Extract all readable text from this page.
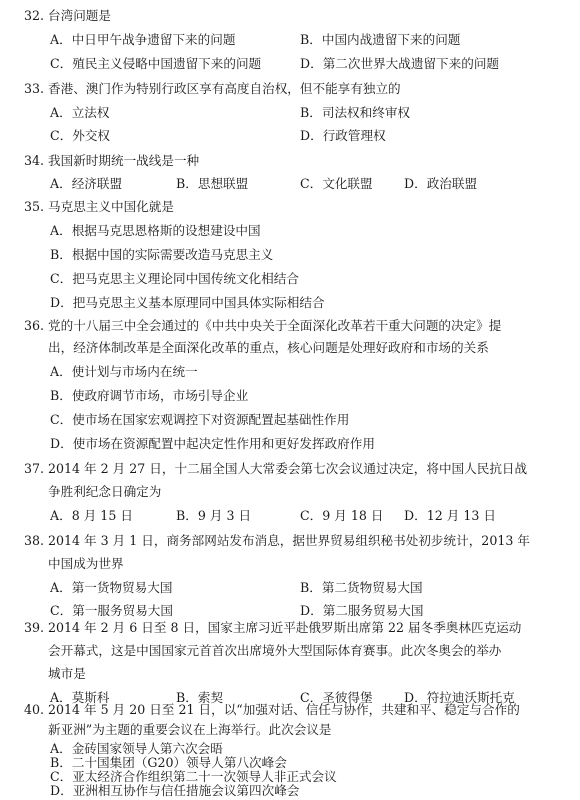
32. 台湾问题是
A．中日甲午战争遗留下来的问题	B．中国内战遗留下来的问题
C．殖民主义侵略中国遗留下来的问题	D．第二次世界大战遗留下来的问题
33. 香港、澳门作为特别行政区享有高度自治权，但不能享有独立的
A．立法权	B．司法权和终审权
C．外交权	D．行政管理权
34. 我国新时期统一战线是一种
A．经济联盟	B．思想联盟	C．文化联盟 D．政治联盟
35. 马克思主义中国化就是
A．根据马克思恩格斯的设想建设中国
B．根据中国的实际需要改造马克思主义
C．把马克思主义理论同中国传统文化相结合
D．把马克思主义基本原理同中国具体实际相结合
36. 党的十八届三中全会通过的《中共中央关于全面深化改革若干重大问题的决定》提
出，经济体制改革是全面深化改革的重点，核心问题是处理好政府和市场的关系
A．使计划与市场内在统一
B．使政府调节市场，市场引导企业
C．使市场在国家宏观调控下对资源配置起基础性作用
D．使市场在资源配置中起决定性作用和更好发挥政府作用
37. 2014 年 2 月 27 日，十二届全国人大常委会第七次会议通过决定，将中国人民抗日战
争胜利纪念日确定为
A．8 月 15 日	B．9 月 3 日	C．9 月 18 日 D．12 月 13 日
38. 2014 年 3 月 1 日，商务部网站发布消息，据世界贸易组织秘书处初步统计，2013 年
中国成为世界
A．第一货物贸易大国	B．第二货物贸易大国
C．第一服务贸易大国	D．第二服务贸易大国
39. 2014 年 2 月 6 日至 8 日，国家主席习近平赴俄罗斯出席第 22 届冬季奥林匹克运动
会开幕式，这是中国国家元首首次出席境外大型国际体育赛事。此次冬奥会的举办
城市是
A．莫斯科	B．索契	C．圣彼得堡 D．符拉迪沃斯托克
40. 2014 年 5 月 20 日至 21 日，以“加强对话、信任与协作，共建和平、稳定与合作的
新亚洲”为主题的重要会议在上海举行。此次会议是
A．金砖国家领导人第六次会晤
B．二十国集团（G20）领导人第八次峰会
C．亚太经济合作组织第二十一次领导人非正式会议
D．亚洲相互协作与信任措施会议第四次峰会
